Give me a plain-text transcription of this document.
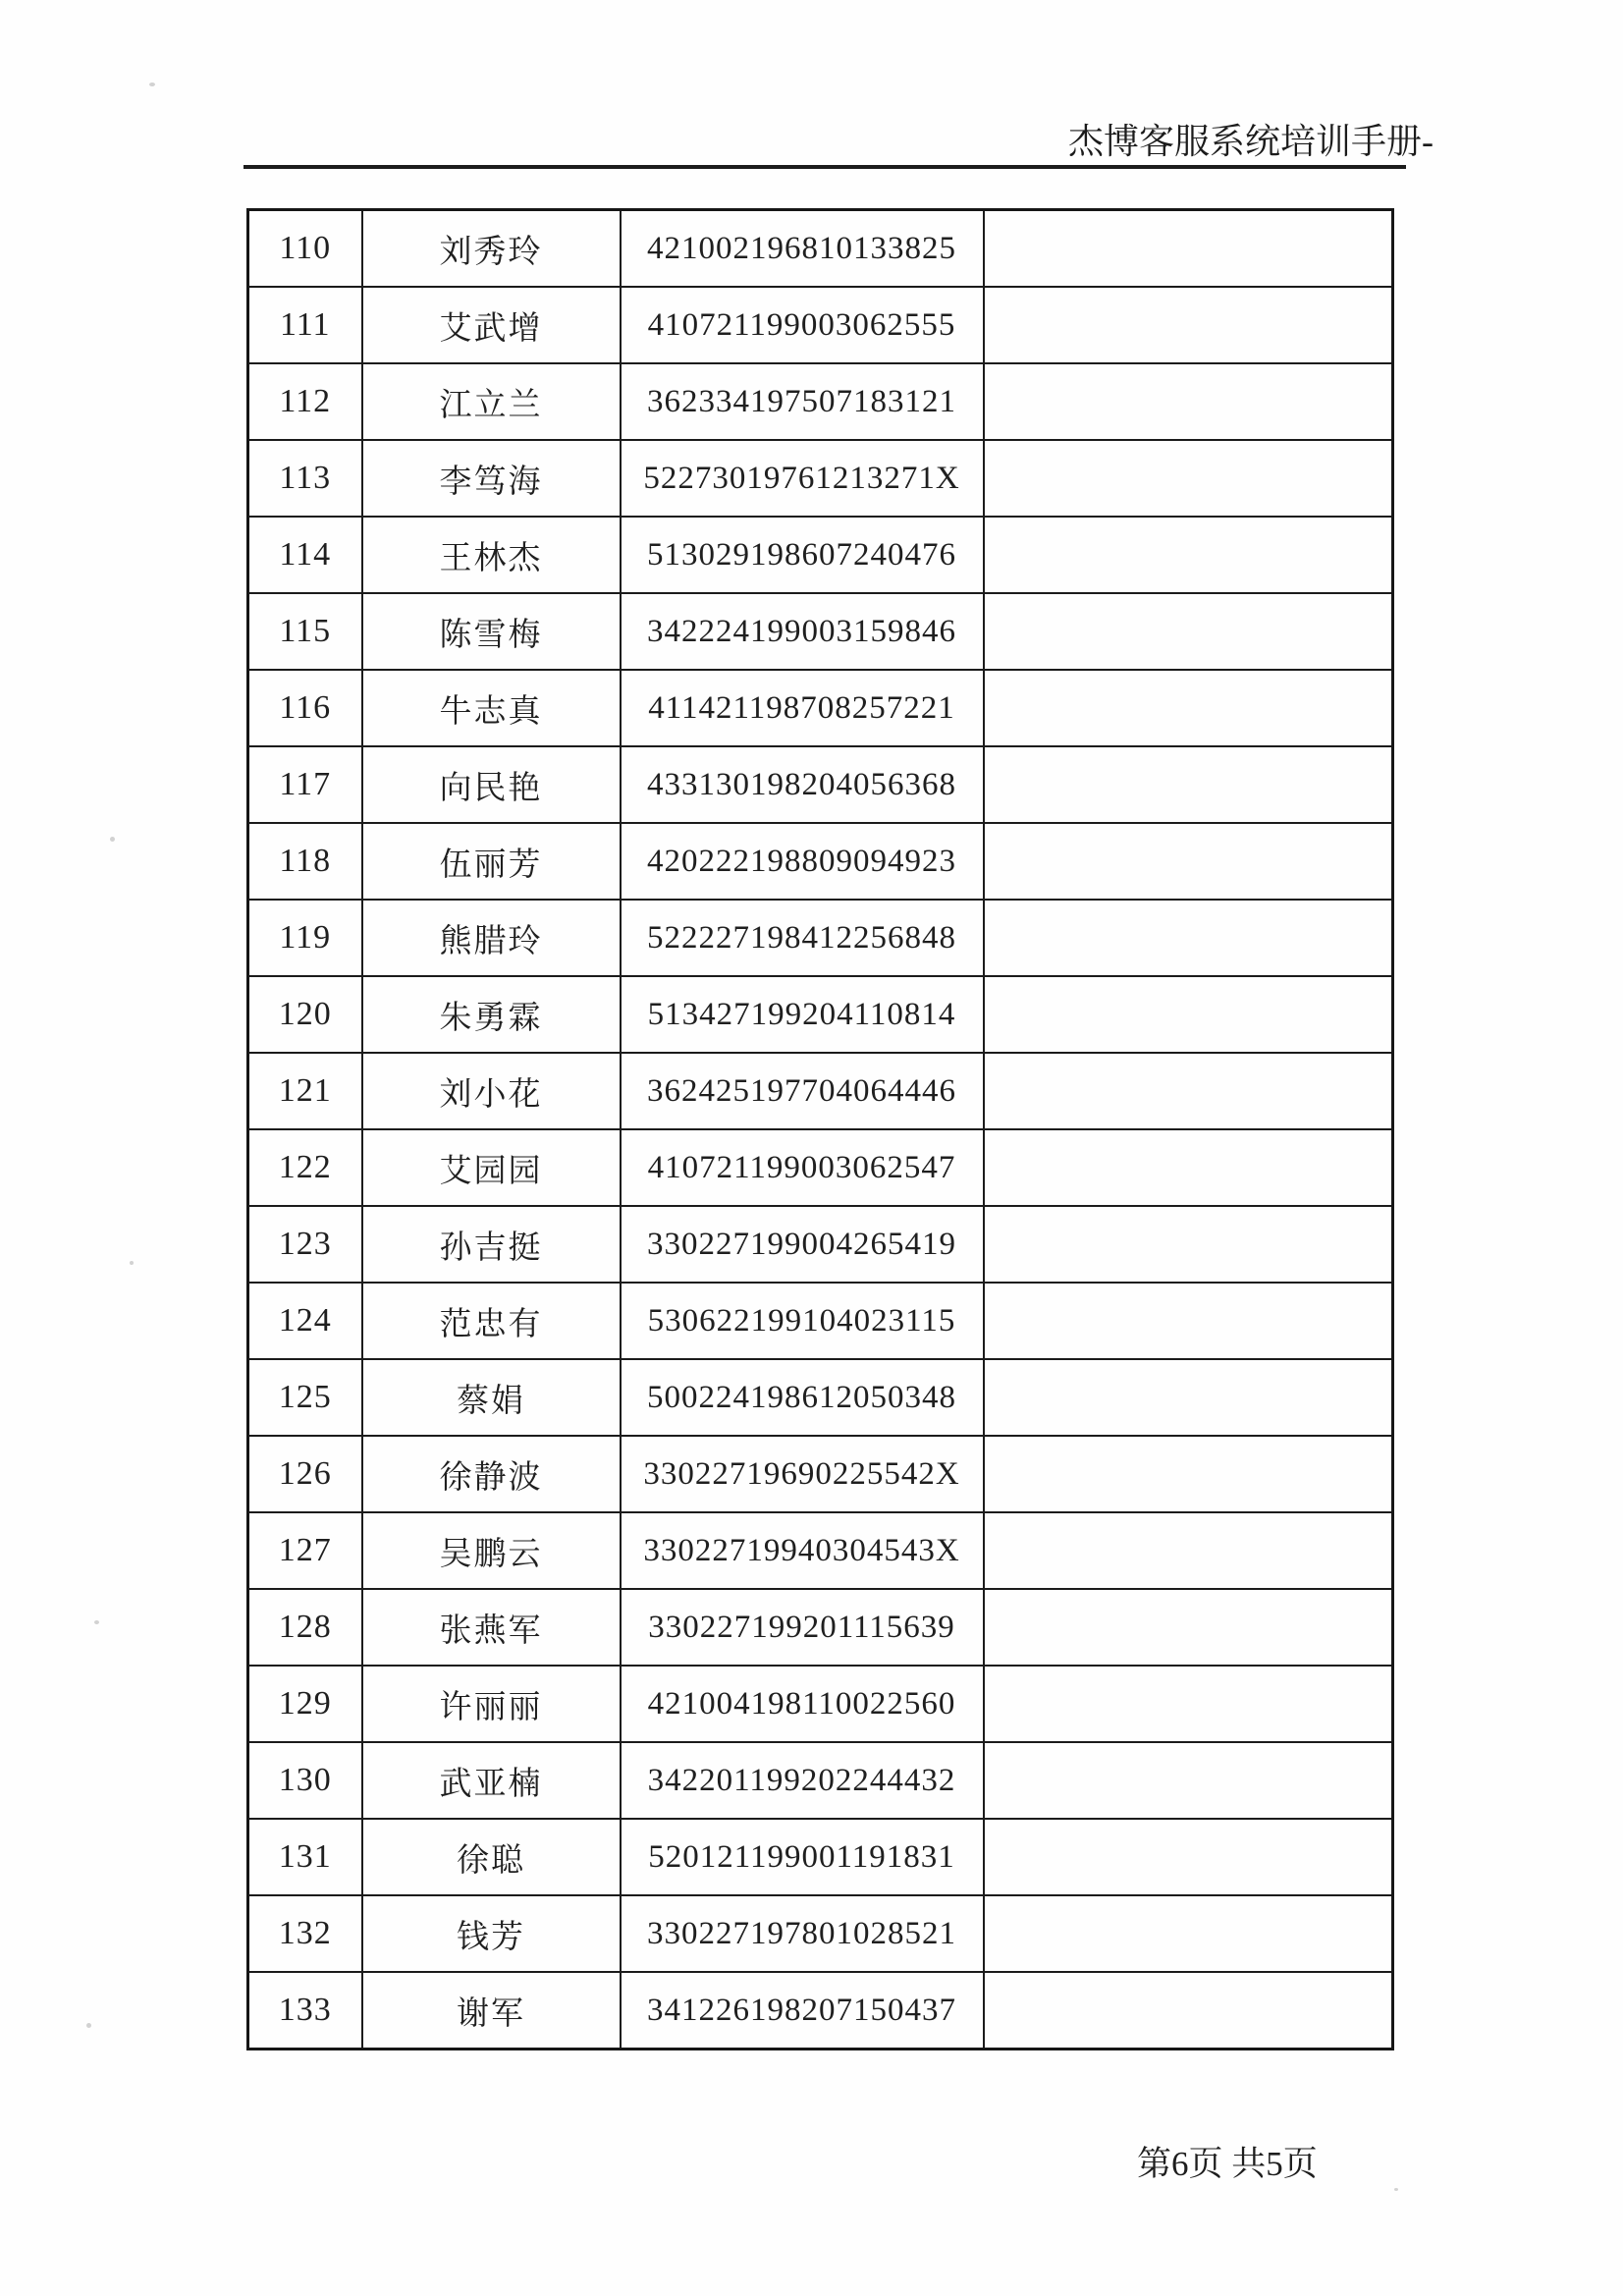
杰博客服系统培训手册-
110	刘秀玲	421002196810133825	
111	艾武增	410721199003062555	
112	江立兰	362334197507183121	
113	李笃海	52273019761213271X	
114	王林杰	513029198607240476	
115	陈雪梅	342224199003159846	
116	牛志真	411421198708257221	
117	向民艳	433130198204056368	
118	伍丽芳	420222198809094923	
119	熊腊玲	522227198412256848	
120	朱勇霖	513427199204110814	
121	刘小花	362425197704064446	
122	艾园园	410721199003062547	
123	孙吉挺	330227199004265419	
124	范忠有	530622199104023115	
125	蔡娟	500224198612050348	
126	徐静波	33022719690225542X	
127	吴鹏云	33022719940304543X	
128	张燕军	330227199201115639	
129	许丽丽	421004198110022560	
130	武亚楠	342201199202244432	
131	徐聪	520121199001191831	
132	钱芳	330227197801028521	
133	谢军	341226198207150437	
第6页 共5页
